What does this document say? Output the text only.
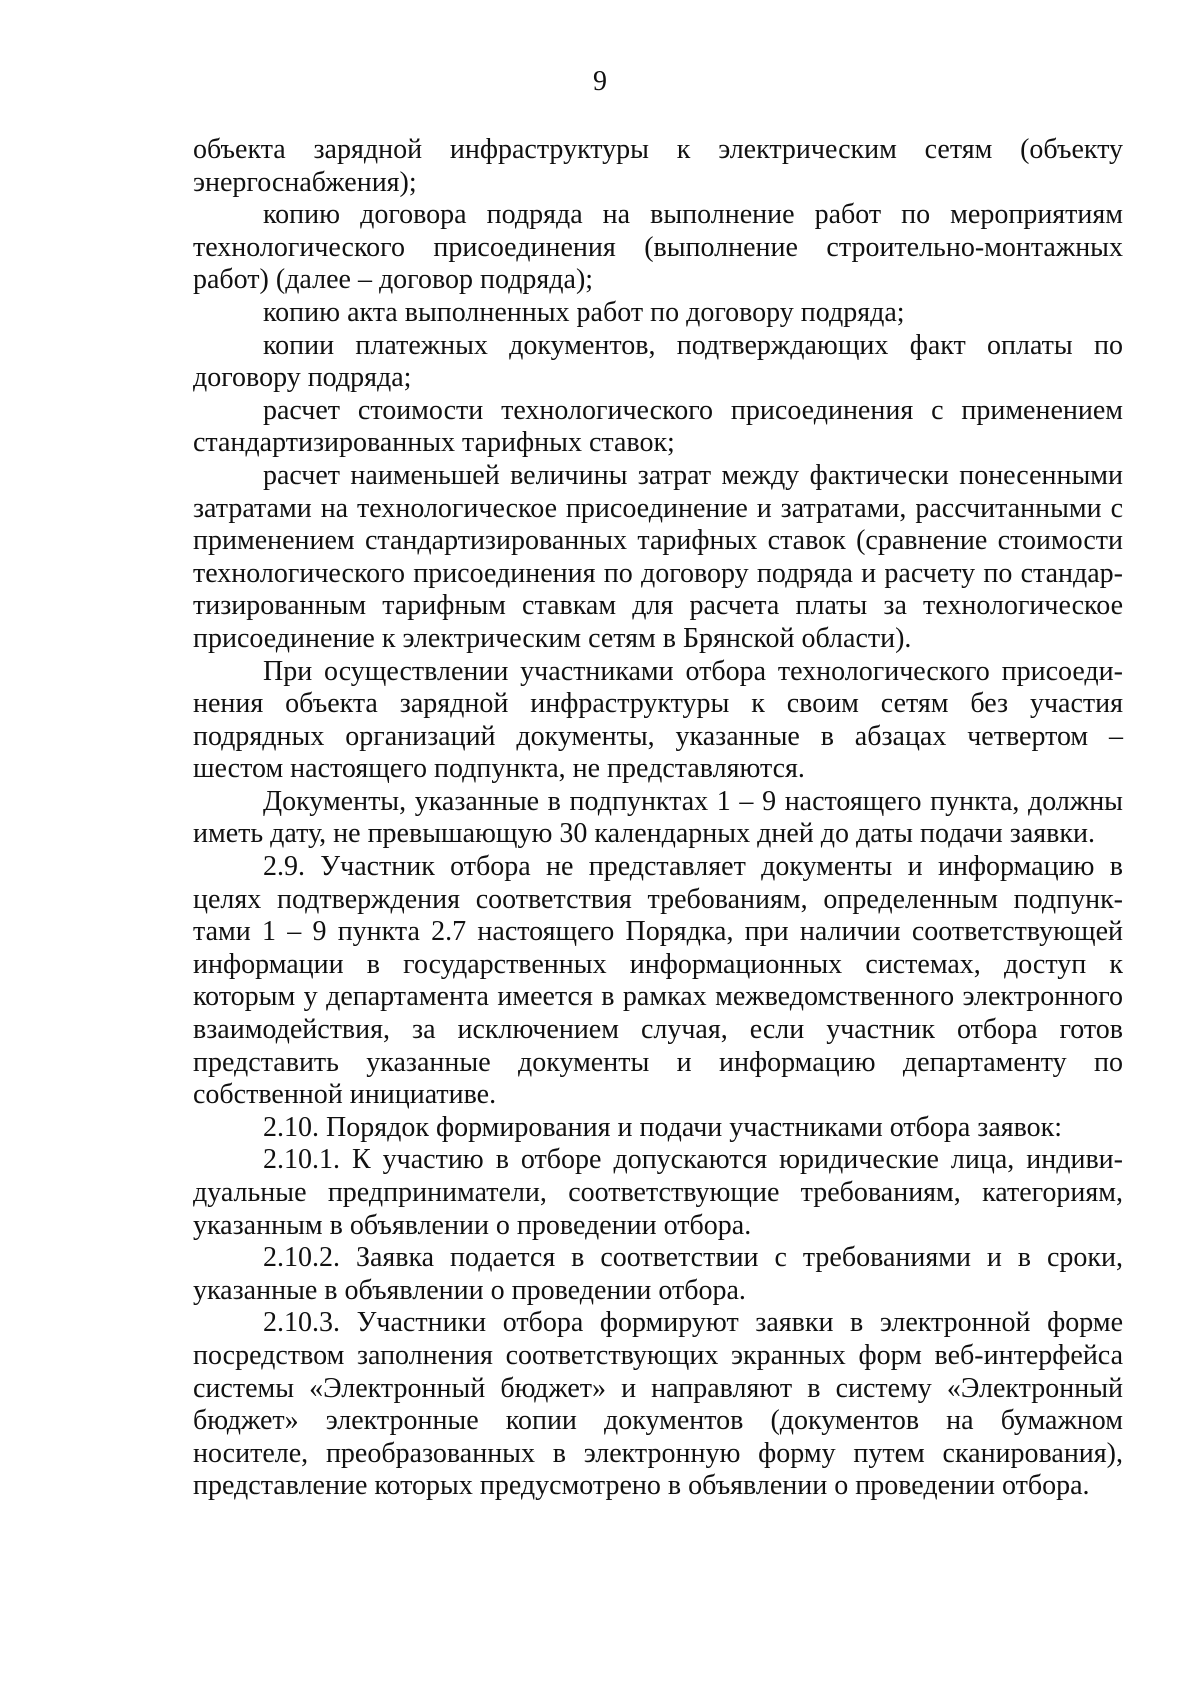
9

объекта зарядной инфраструктуры к электрическим сетям (объекту энергоснабжения);

копию договора подряда на выполнение работ по мероприятиям технологического присоединения (выполнение строительно-монтажных работ) (далее – договор подряда);

копию акта выполненных работ по договору подряда;

копии платежных документов, подтверждающих факт оплаты по договору подряда;

расчет стоимости технологического присоединения с применением стандартизированных тарифных ставок;

расчет наименьшей величины затрат между фактически понесенными затратами на технологическое присоединение и затратами, рассчитанными с применением стандартизированных тарифных ставок (сравнение стоимости технологического присоединения по договору подряда и расчету по стандартизированным тарифным ставкам для расчета платы за технологическое присоединение к электрическим сетям в Брянской области).

При осуществлении участниками отбора технологического присоединения объекта зарядной инфраструктуры к своим сетям без участия подрядных организаций документы, указанные в абзацах четвертом – шестом настоящего подпункта, не представляются.

Документы, указанные в подпунктах 1 – 9 настоящего пункта, должны иметь дату, не превышающую 30 календарных дней до даты подачи заявки.

2.9. Участник отбора не представляет документы и информацию в целях подтверждения соответствия требованиям, определенным подпунктами 1 – 9 пункта 2.7 настоящего Порядка, при наличии соответствующей информации в государственных информационных системах, доступ к которым у департамента имеется в рамках межведомственного электронного взаимодействия, за исключением случая, если участник отбора готов представить указанные документы и информацию департаменту по собственной инициативе.

2.10. Порядок формирования и подачи участниками отбора заявок:

2.10.1. К участию в отборе допускаются юридические лица, индивидуальные предприниматели, соответствующие требованиям, категориям, указанным в объявлении о проведении отбора.

2.10.2. Заявка подается в соответствии с требованиями и в сроки, указанные в объявлении о проведении отбора.

2.10.3. Участники отбора формируют заявки в электронной форме посредством заполнения соответствующих экранных форм веб-интерфейса системы «Электронный бюджет» и направляют в систему «Электронный бюджет» электронные копии документов (документов на бумажном носителе, преобразованных в электронную форму путем сканирования), представление которых предусмотрено в объявлении о проведении отбора.
